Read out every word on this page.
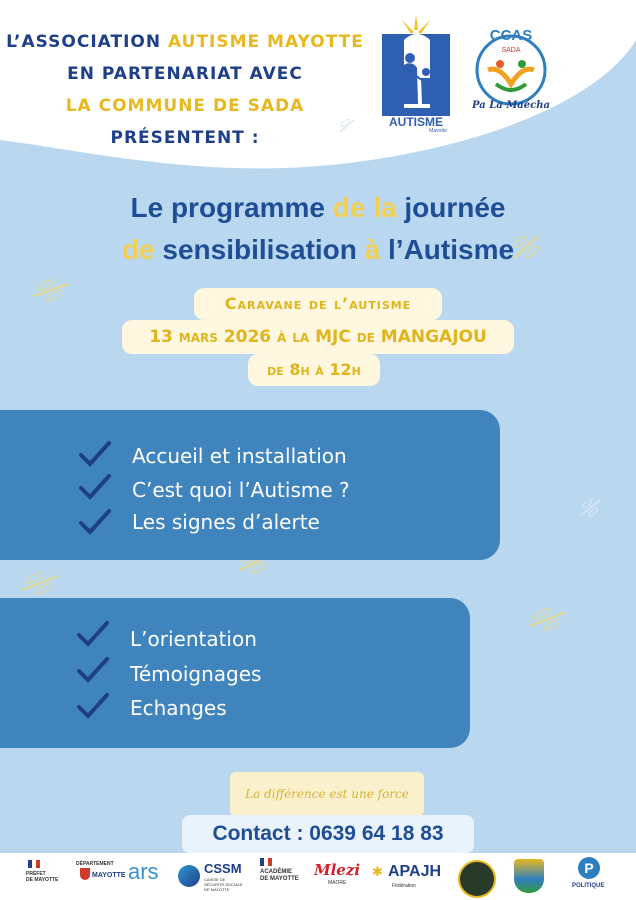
L’ASSOCIATION AUTISME MAYOTTE
EN PARTENARIAT AVEC
LA COMMUNE DE SADA
PRÉSENTENT :
AUTISME
Mayotte
CCAS
SADA
Pa La Maécha
Le programme de la journée
de sensibilisation à l’Autisme
13 mars 2026 à la MJC de MANGAJOU
Caravane de l’autisme
de 8h à 12h
Accueil et installation
C’est quoi l’Autisme ?
Les signes d’alerte
L’orientation
Témoignages
Echanges
La différence est une force
Contact : 0639 64 18 83
PRÉFET
DE MAYOTTE
DÉPARTEMENT
MAYOTTE ars	CSSM
CAISSE DE SÉCURITÉ SOCIALE DE MAYOTTE
ACADÉMIE
DE MAYOTTE Mlezi
MAORE
✱ APAJH
Fédération
P
POLITIQUE
